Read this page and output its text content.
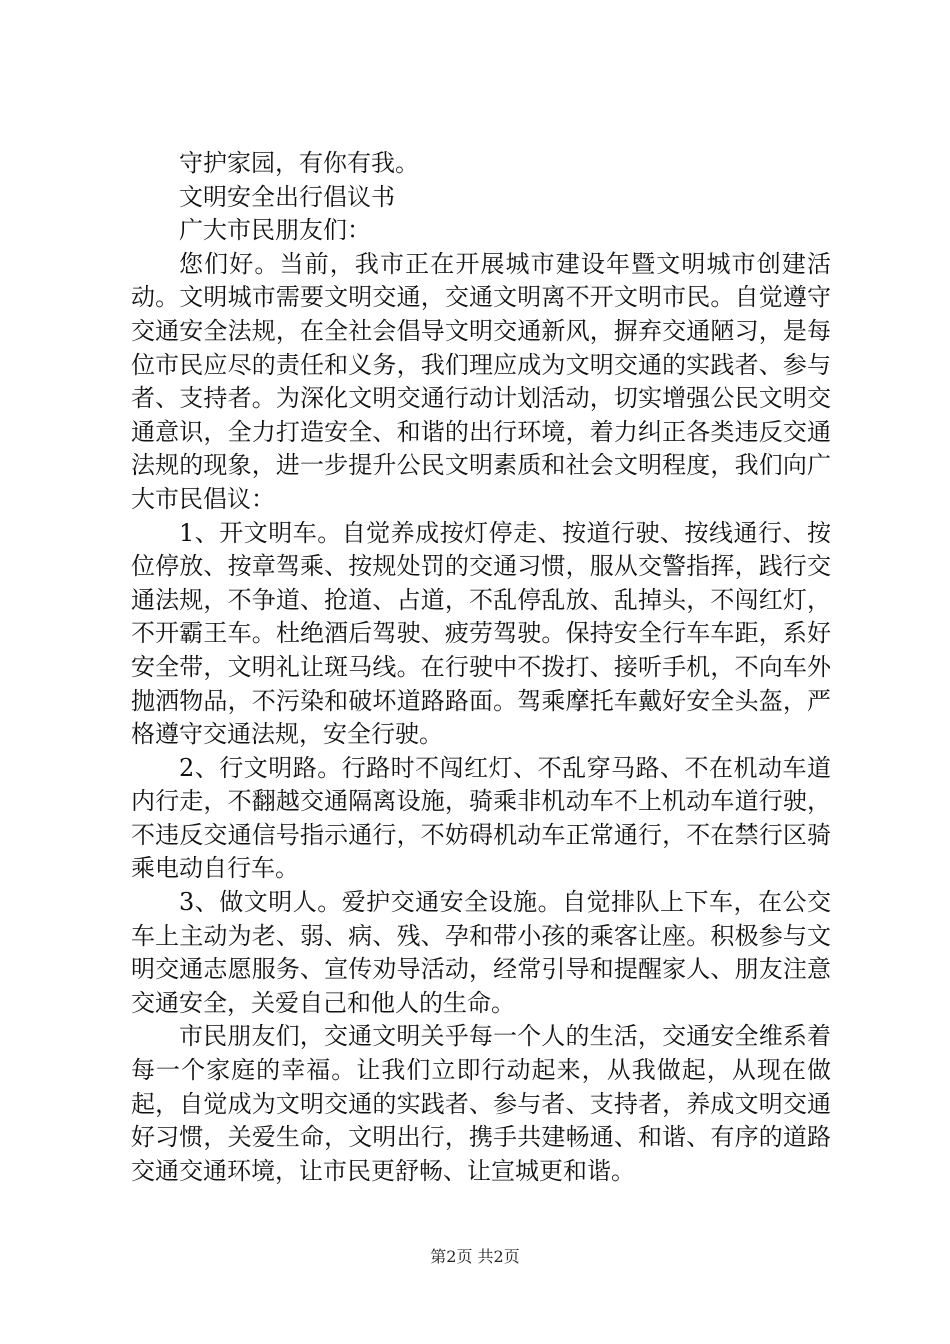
守护家园，有你有我。

文明安全出行倡议书

广大市民朋友们：

您们好。当前，我市正在开展城市建设年暨文明城市创建活动。文明城市需要文明交通，交通文明离不开文明市民。自觉遵守交通安全法规，在全社会倡导文明交通新风，摒弃交通陋习，是每位市民应尽的责任和义务，我们理应成为文明交通的实践者、参与者、支持者。为深化文明交通行动计划活动，切实增强公民文明交通意识，全力打造安全、和谐的出行环境，着力纠正各类违反交通法规的现象，进一步提升公民文明素质和社会文明程度，我们向广大市民倡议：

1、开文明车。自觉养成按灯停走、按道行驶、按线通行、按位停放、按章驾乘、按规处罚的交通习惯，服从交警指挥，践行交通法规，不争道、抢道、占道，不乱停乱放、乱掉头，不闯红灯，不开霸王车。杜绝酒后驾驶、疲劳驾驶。保持安全行车车距，系好安全带，文明礼让斑马线。在行驶中不拨打、接听手机，不向车外抛洒物品，不污染和破坏道路路面。驾乘摩托车戴好安全头盔，严格遵守交通法规，安全行驶。

2、行文明路。行路时不闯红灯、不乱穿马路、不在机动车道内行走，不翻越交通隔离设施，骑乘非机动车不上机动车道行驶，不违反交通信号指示通行，不妨碍机动车正常通行，不在禁行区骑乘电动自行车。

3、做文明人。爱护交通安全设施。自觉排队上下车，在公交车上主动为老、弱、病、残、孕和带小孩的乘客让座。积极参与文明交通志愿服务、宣传劝导活动，经常引导和提醒家人、朋友注意交通安全，关爱自己和他人的生命。

市民朋友们，交通文明关乎每一个人的生活，交通安全维系着每一个家庭的幸福。让我们立即行动起来，从我做起，从现在做起，自觉成为文明交通的实践者、参与者、支持者，养成文明交通好习惯，关爱生命，文明出行，携手共建畅通、和谐、有序的道路交通交通环境，让市民更舒畅、让宣城更和谐。

第2页 共2页
